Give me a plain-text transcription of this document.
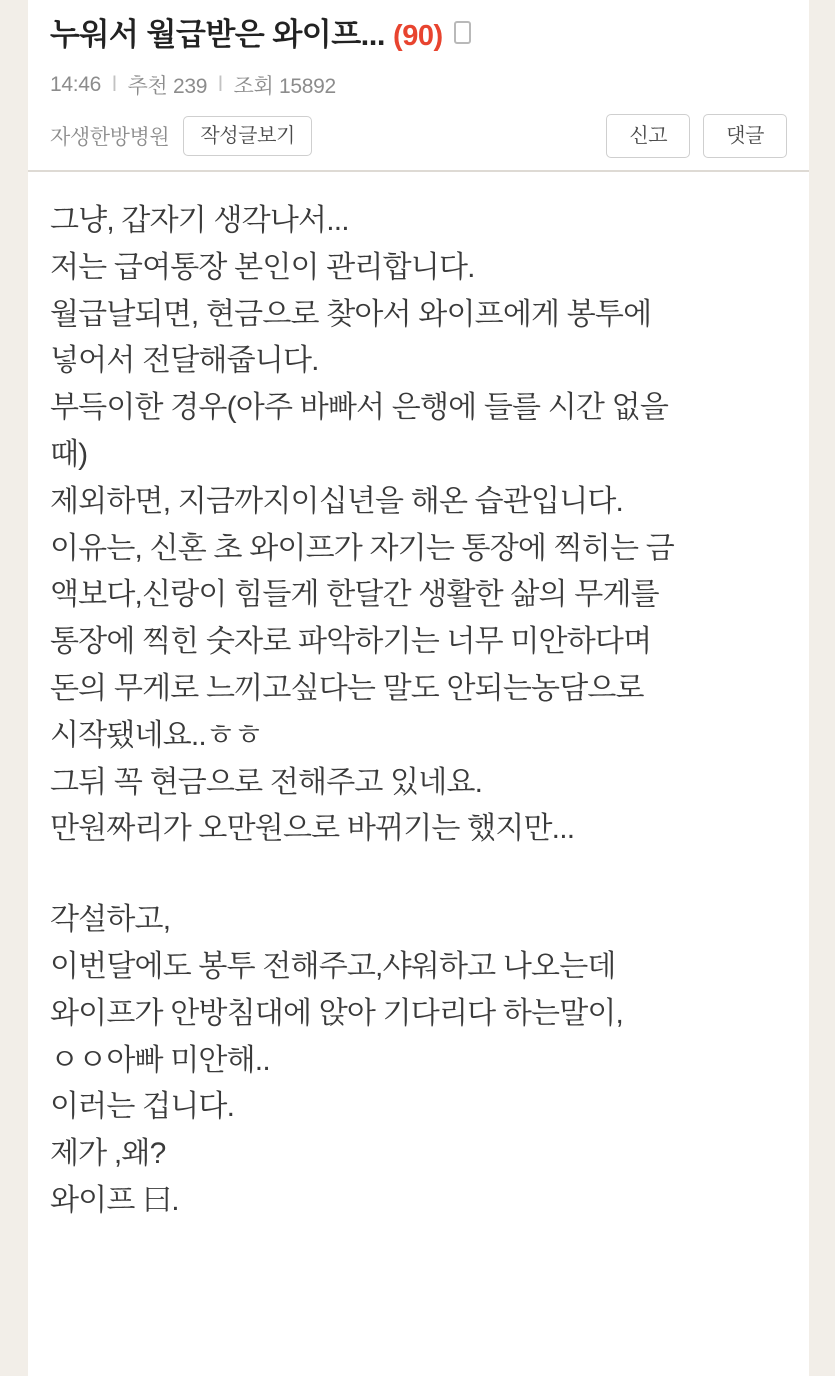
누워서 월급받은 와이프... (90)
14:46 l 추천 239 l 조회 15892
자생한방병원	작성글보기	신고	댓글

그냥, 갑자기 생각나서...

저는 급여통장 본인이 관리합니다.

월급날되면, 현금으로 찾아서 와이프에게 봉투에

넣어서 전달해줍니다.

부득이한 경우(아주 바빠서 은행에 들를 시간 없을

때)

제외하면, 지금까지이십년을 해온 습관입니다.

이유는, 신혼 초 와이프가 자기는 통장에 찍히는 금

액보다,신랑이 힘들게 한달간 생활한 삶의 무게를

통장에 찍힌 숫자로 파악하기는 너무 미안하다며

돈의 무게로 느끼고싶다는 말도 안되는농담으로

시작됐네요..ㅎㅎ

그뒤 꼭 현금으로 전해주고 있네요.

만원짜리가 오만원으로 바뀌기는 했지만...

각설하고,

이번달에도 봉투 전해주고,샤워하고 나오는데

와이프가 안방침대에 앉아 기다리다 하는말이,

ㅇㅇ아빠 미안해..

이러는 겁니다.

제가 ,왜?

와이프 曰.
